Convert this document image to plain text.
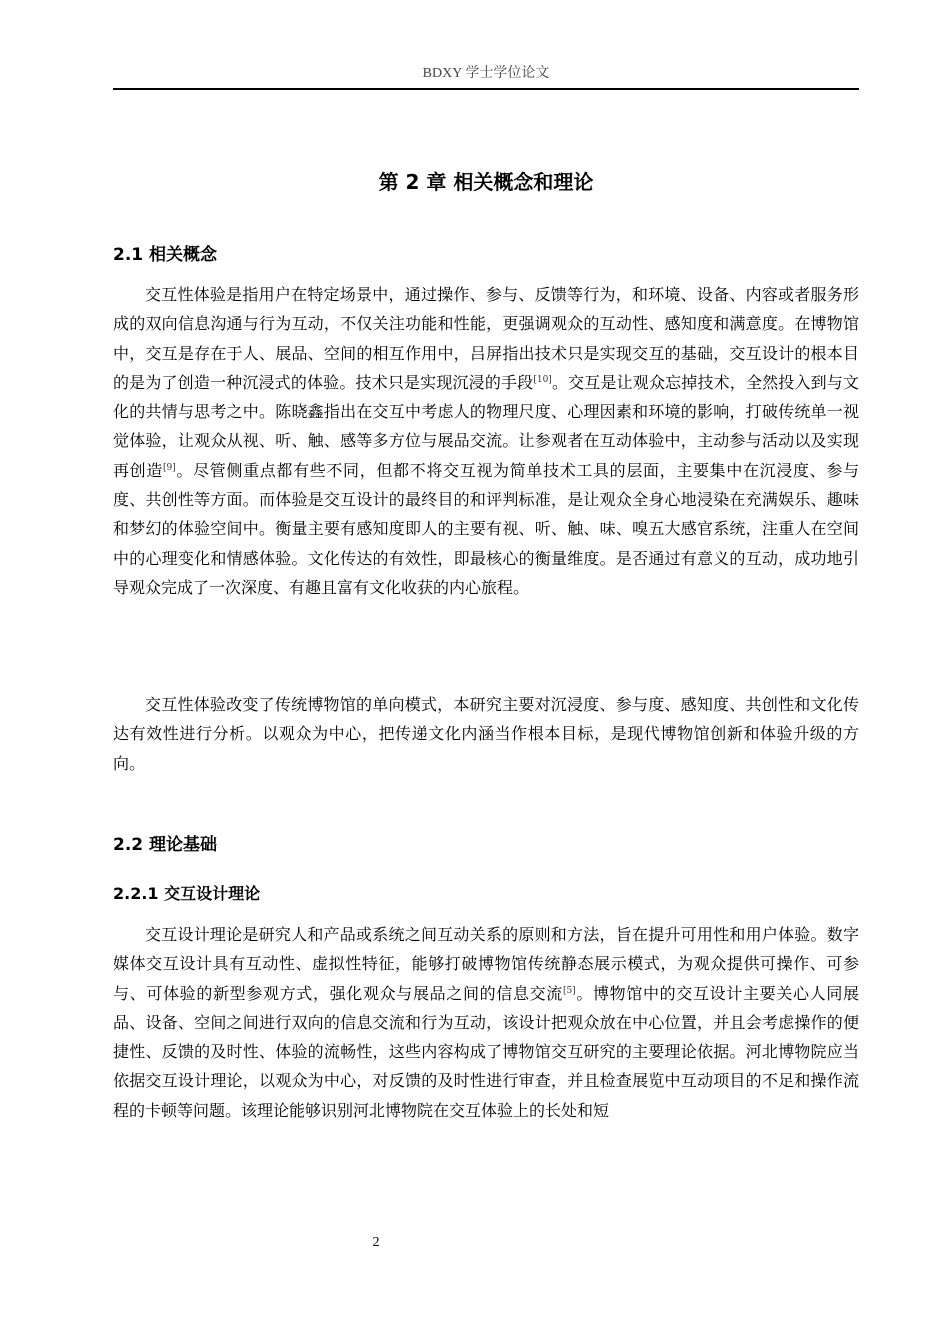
BDXY 学士学位论文
第 2 章 相关概念和理论
2.1 相关概念

交互性体验是指用户在特定场景中，通过操作、参与、反馈等行为，和环境、设备、内容或者服务形成的双向信息沟通与行为互动，不仅关注功能和性能，更强调观众的互动性、感知度和满意度。在博物馆中，交互是存在于人、展品、空间的相互作用中，吕屏指出技术只是实现交互的基础，交互设计的根本目的是为了创造一种沉浸式的体验。技术只是实现沉浸的手段[10]。交互是让观众忘掉技术，全然投入到与文化的共情与思考之中。陈晓鑫指出在交互中考虑人的物理尺度、心理因素和环境的影响，打破传统单一视觉体验，让观众从视、听、触、感等多方位与展品交流。让参观者在互动体验中，主动参与活动以及实现再创造[9]。尽管侧重点都有些不同，但都不将交互视为简单技术工具的层面，主要集中在沉浸度、参与度、共创性等方面。而体验是交互设计的最终目的和评判标准，是让观众全身心地浸染在充满娱乐、趣味和梦幻的体验空间中。衡量主要有感知度即人的主要有视、听、触、味、嗅五大感官系统，注重人在空间中的心理变化和情感体验。文化传达的有效性，即最核心的衡量维度。是否通过有意义的互动，成功地引导观众完成了一次深度、有趣且富有文化收获的内心旅程。

交互性体验改变了传统博物馆的单向模式，本研究主要对沉浸度、参与度、感知度、共创性和文化传达有效性进行分析。以观众为中心，把传递文化内涵当作根本目标，是现代博物馆创新和体验升级的方向。

2.2 理论基础
2.2.1 交互设计理论

交互设计理论是研究人和产品或系统之间互动关系的原则和方法，旨在提升可用性和用户体验。数字媒体交互设计具有互动性、虚拟性特征，能够打破博物馆传统静态展示模式，为观众提供可操作、可参与、可体验的新型参观方式，强化观众与展品之间的信息交流[5]。博物馆中的交互设计主要关心人同展品、设备、空间之间进行双向的信息交流和行为互动，该设计把观众放在中心位置，并且会考虑操作的便捷性、反馈的及时性、体验的流畅性，这些内容构成了博物馆交互研究的主要理论依据。河北博物院应当依据交互设计理论，以观众为中心，对反馈的及时性进行审查，并且检查展览中互动项目的不足和操作流程的卡顿等问题。该理论能够识别河北博物院在交互体验上的长处和短

2
